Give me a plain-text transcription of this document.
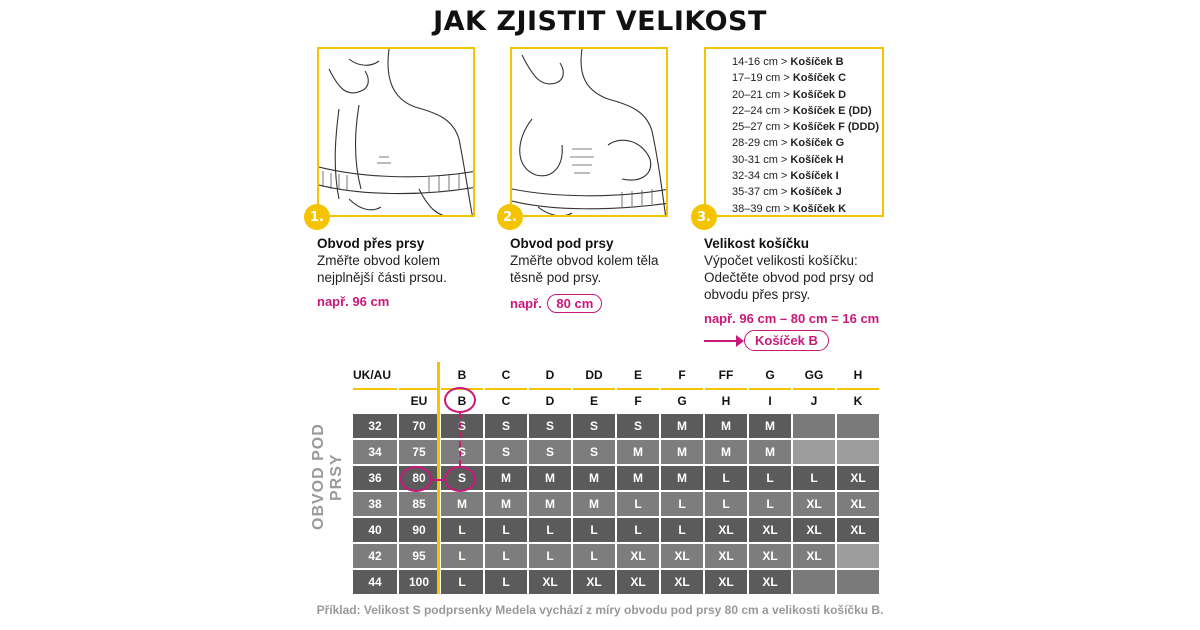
JAK ZJISTIT VELIKOST
14-16 cm > Košíček B
17–19 cm > Košíček C
20–21 cm > Košíček D
22–24 cm > Košíček E (DD)
25–27 cm > Košíček F (DDD)
28-29 cm > Košíček G
30-31 cm > Košíček H
32-34 cm > Košíček I
35-37 cm > Košíček J
38–39 cm > Košíček K
1.	2.	3.
Obvod přes prsy
Změřte obvod kolem nejplnější části prsou.
Obvod pod prsy
Změřte obvod kolem těla těsně pod prsy.
Velikost košíčku
Výpočet velikosti košíčku: Odečtěte obvod pod prsy od obvodu přes prsy.
např. 96 cm	např. 80 cm
např. 96 cm – 80 cm = 16 cm
Košíček B
OBVOD POD PRSY
UK/AU		B	C	D	DD	E	F	FF	G	GG	H
	EU	B	C	D	E	F	G	H	I	J	K
32	70	S	S	S	S	S	M	M	M		
34	75	S	S	S	S	M	M	M	M		
36	80	S	M	M	M	M	M	L	L	L	XL
38	85	M	M	M	M	L	L	L	L	XL	XL
40	90	L	L	L	L	L	L	XL	XL	XL	XL
42	95	L	L	L	L	XL	XL	XL	XL	XL	
44	100	L	L	XL	XL	XL	XL	XL	XL		
Příklad: Velikost S podprsenky Medela vychází z míry obvodu pod prsy 80 cm a velikosti košíčku B.
